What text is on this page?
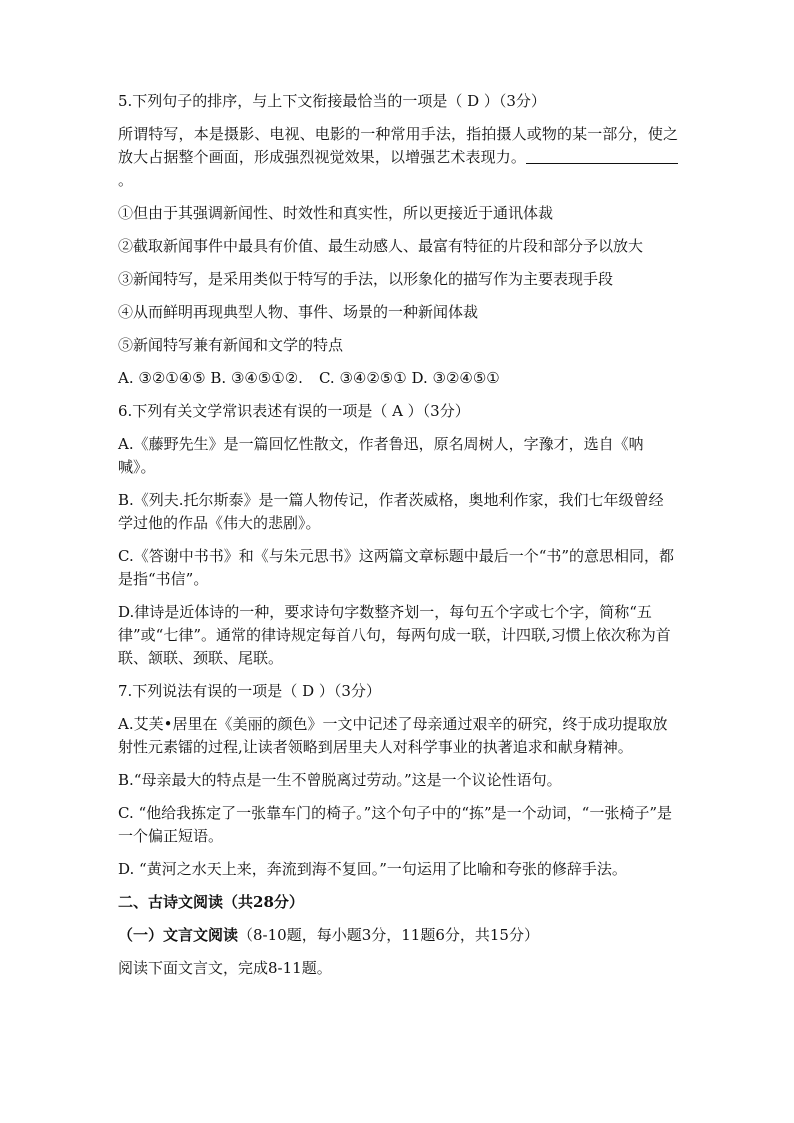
5.下列句子的排序，与上下文衔接最恰当的一项是（ D ）（3分）

所谓特写，本是摄影、电视、电影的一种常用手法，指拍摄人或物的某一部分，使之放大占据整个画面，形成强烈视觉效果，以增强艺术表现力。。

①但由于其强调新闻性、时效性和真实性，所以更接近于通讯体裁

②截取新闻事件中最具有价值、最生动感人、最富有特征的片段和部分予以放大

③新闻特写，是采用类似于特写的手法，以形象化的描写作为主要表现手段

④从而鲜明再现典型人物、事件、场景的一种新闻体裁

⑤新闻特写兼有新闻和文学的特点

A. ③②①④⑤ B. ③④⑤①②. C. ③④②⑤① D. ③②④⑤①

6.下列有关文学常识表述有误的一项是（ A ）（3分）

A.《藤野先生》是一篇回忆性散文，作者鲁迅，原名周树人，字豫才，选自《呐喊》。

B.《列夫.托尔斯泰》是一篇人物传记，作者茨威格，奥地利作家，我们七年级曾经学过他的作品《伟大的悲剧》。

C.《答谢中书书》和《与朱元思书》这两篇文章标题中最后一个“书”的意思相同，都是指“书信”。

D.律诗是近体诗的一种，要求诗句字数整齐划一，每句五个字或七个字，简称“五律”或“七律”。通常的律诗规定每首八句，每两句成一联，计四联,习惯上依次称为首联、颔联、颈联、尾联。

7.下列说法有误的一项是（ D ）（3分）

A.艾芙•居里在《美丽的颜色》一文中记述了母亲通过艰辛的研究，终于成功提取放射性元素镭的过程,让读者领略到居里夫人对科学事业的执著追求和献身精神。

B.“母亲最大的特点是一生不曾脱离过劳动。”这是一个议论性语句。

C. “他给我拣定了一张靠车门的椅子。”这个句子中的“拣”是一个动词，“一张椅子”是一个偏正短语。

D. “黄河之水天上来，奔流到海不复回。”一句运用了比喻和夸张的修辞手法。

二、古诗文阅读（共28分）

（一）文言文阅读（8-10题，每小题3分，11题6分，共15分）

阅读下面文言文，完成8-11题。
